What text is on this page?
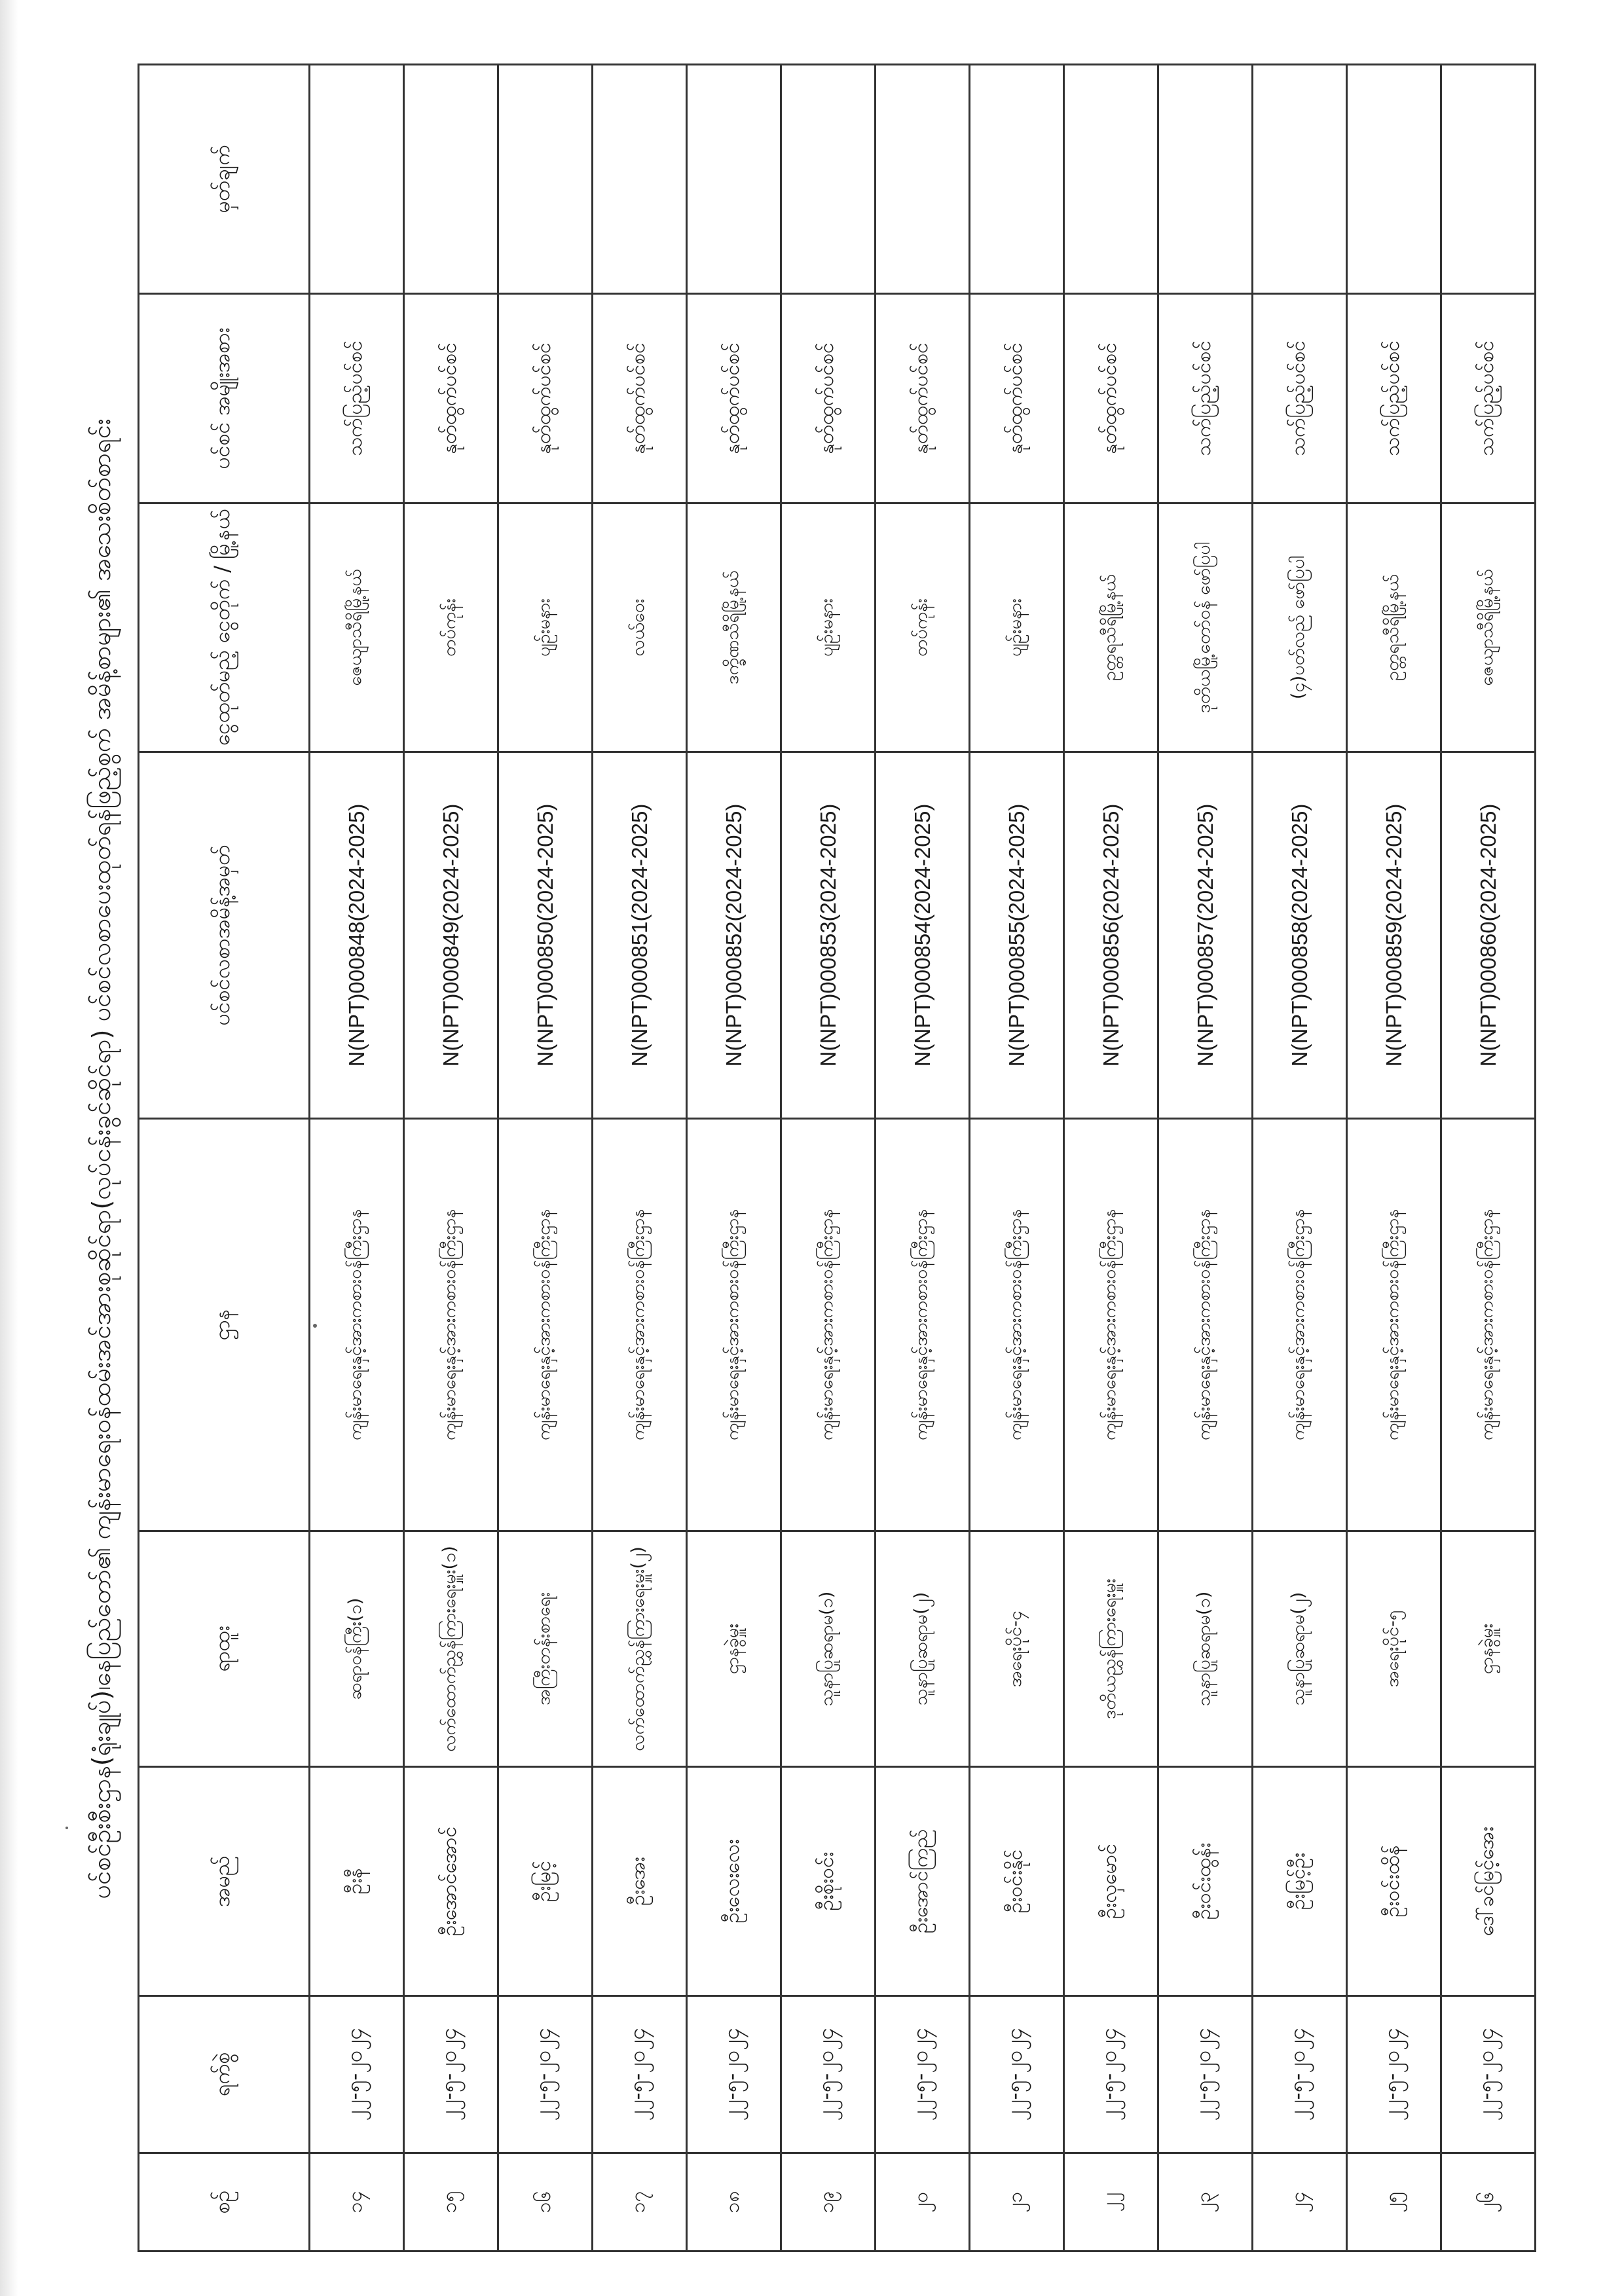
ပင်စင်ဦးစီးဌာန(ရုံးချုပ်)၊နေပြည်တော်၏ ကျန်းမာရေးဝန်ထမ်းအင်အားစုဆိုင်ရာ(လုပ်ငန်းခွင်ဆိုင်ရာ) ပင်စင်လစာပေးထုတ်ရန်ဖြည့်စွက် အမိန့်စာများ၏ အသေးစိတ်စာရင်း
စဉ်	ရက်စွဲ	အမည်	ရာထူး	ဌာန	ပင်စင်လစာအမိန့်အမှတ်	ငွေထုတ်မည့် ငွေတိုက် / မြို့နယ်	ပင်စင် အမျိုးအစား	မှတ်ချက်
၁၄	၂၂-၅-၂၀၂၄	ဦးနီ	ဆရာဝန်ကြီး(၁)	ကျန်းမာရေးနှင့်အားကစားဝန်ကြီးဌာန	N(NPT)000848(2024-2025)	ဇေယျာသီရိမြို့နယ်	သက်ပြည့်ပင်စင်	
၁၅	၂၂-၅-၂၀၂၄	ဦးအောင်အောင်	လက်ထောက်ညွှန်ကြားရေးမှူး(၁)	ကျန်းမာရေးနှင့်အားကစားဝန်ကြီးဌာန	N(NPT)000849(2024-2025)	တပ်ကုန်း	နုတ်ထွက်ပင်စင်	
၁၆	၂၂-၅-၂၀၂၄	ဦးမြင့်	အကြီးတန်းစာရေး	ကျန်းမာရေးနှင့်အားကစားဝန်ကြီးဌာန	N(NPT)000850(2024-2025)	ပျဉ်းမနား	နုတ်ထွက်ပင်စင်	
၁၇	၂၂-၅-၂၀၂၄	ဦးအေး	လက်ထောက်ညွှန်ကြားရေးမှူး(၂)	ကျန်းမာရေးနှင့်အားကစားဝန်ကြီးဌာန	N(NPT)000851(2024-2025)	လယ်ဝေး	နုတ်ထွက်ပင်စင်	
၁၈	၂၂-၅-၂၀၂၄	ဦးလေးလေး	ဌာနခွဲမှူး	ကျန်းမာရေးနှင့်အားကစားဝန်ကြီးဌာန	N(NPT)000852(2024-2025)	ဒက္ခိဏသီရိမြို့နယ်	နုတ်ထွက်ပင်စင်	
၁၉	၂၂-၅-၂၀၂၄	ဦးစိုးဝင်း	သူနာပြုဆရာမ(၁)	ကျန်းမာရေးနှင့်အားကစားဝန်ကြီးဌာန	N(NPT)000853(2024-2025)	ပျဉ်းမနား	နုတ်ထွက်ပင်စင်	
၂၀	၂၂-၅-၂၀၂၄	ဦးအောင်ကြည်	သူနာပြုဆရာမ(၂)	ကျန်းမာရေးနှင့်အားကစားဝန်ကြီးဌာန	N(NPT)000854(2024-2025)	တပ်ကုန်း	နုတ်ထွက်ပင်စင်	
၂၁	၂၂-၅-၂၀၂၄	ဦးဝင်းနိုင်	အရေးပိုင်-၄	ကျန်းမာရေးနှင့်အားကစားဝန်ကြီးဌာန	N(NPT)000855(2024-2025)	ပျဉ်းမနား	နုတ်ထွက်ပင်စင်	
၂၂	၂၂-၅-၂၀၂၄	ဦးလှမောင်	ဒုတိယညွှန်ကြားရေးမှူး	ကျန်းမာရေးနှင့်အားကစားဝန်ကြီးဌာန	N(NPT)000856(2024-2025)	ဥတ္တရသီရိမြို့နယ်	နုတ်ထွက်ပင်စင်	
၂၃	၂၂-၅-၂၀၂၄	ဦးဝင်းထွန်း	သူနာပြုဆရာမ(၁)	ကျန်းမာရေးနှင့်အားကစားဝန်ကြီးဌာန	N(NPT)000857(2024-2025)	ဒုတိယမြို့တော်ဝန် ဖော်ပြပါ	သက်ပြည့်ပင်စင်	
၂၄	၂၂-၅-၂၀၂၄	ဦးမြင့်ဦး	သူနာပြုဆရာမ(၂)	ကျန်းမာရေးနှင့်အားကစားဝန်ကြီးဌာန	N(NPT)000858(2024-2025)	(၄)ပတ်လည် ဖော်ပြပါ	သက်ပြည့်ပင်စင်	
၂၅	၂၂-၅-၂၀၂၄	ဦးဝင်းထိန်	အရေးပိုင်-၅	ကျန်းမာရေးနှင့်အားကစားဝန်ကြီးဌာန	N(NPT)000859(2024-2025)	ဥတ္တရသီရိမြို့နယ်	သက်ပြည့်ပင်စင်	
၂၆	၂၂-၅-၂၀၂၄	ဒေါ်ခင်မြင့်အေး	ဌာနခွဲမှူး	ကျန်းမာရေးနှင့်အားကစားဝန်ကြီးဌာန	N(NPT)000860(2024-2025)	ဇေယျာသီရိမြို့နယ်	သက်ပြည့်ပင်စင်	
